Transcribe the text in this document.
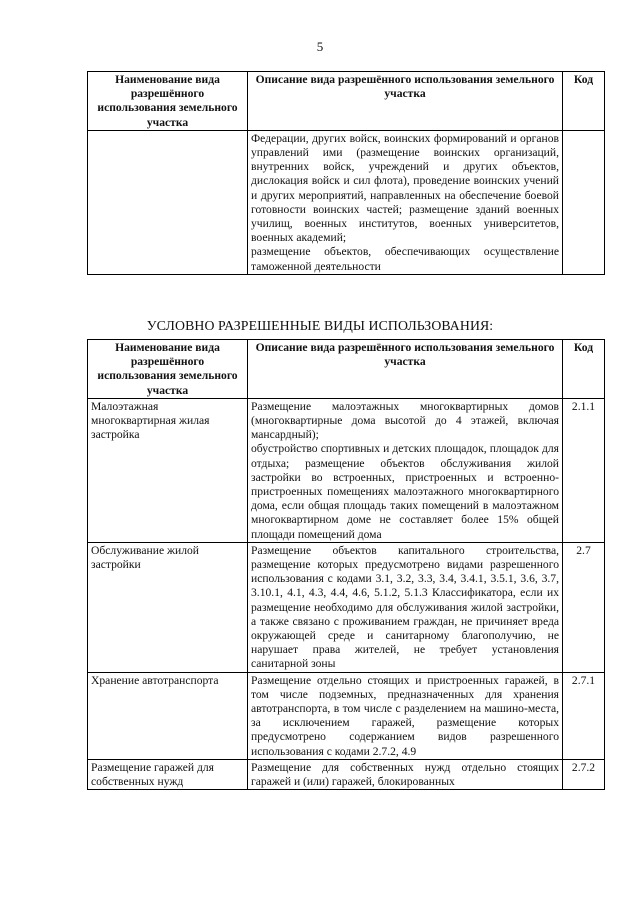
5
Наименование вида разрешённого использования земельного участка	Описание вида разрешённого использования земельного участка	Код

	Федерации, других войск, воинских формирований и органов управлений ими (размещение воинских организаций, внутренних войск, учреждений и других объектов, дислокация войск и сил флота), проведение воинских учений и других мероприятий, направленных на обеспечение боевой готовности воинских частей; размещение зданий военных училищ, военных институтов, военных университетов, военных академий;
размещение объектов, обеспечивающих осуществление таможенной деятельности	

УСЛОВНО РАЗРЕШЕННЫЕ ВИДЫ ИСПОЛЬЗОВАНИЯ:
Наименование вида разрешённого использования земельного участка	Описание вида разрешённого использования земельного участка	Код
Малоэтажная многоквартирная жилая застройка	Размещение малоэтажных многоквартирных домов (многоквартирные дома высотой до 4 этажей, включая мансардный);
обустройство спортивных и детских площадок, площадок для отдыха; размещение объектов обслуживания жилой застройки во встроенных, пристроенных и встроенно-пристроенных помещениях малоэтажного многоквартирного дома, если общая площадь таких помещений в малоэтажном многоквартирном доме не составляет более 15% общей площади помещений дома	2.1.1
Обслуживание жилой застройки	Размещение объектов капитального строительства, размещение которых предусмотрено видами разрешенного использования с кодами 3.1, 3.2, 3.3, 3.4, 3.4.1, 3.5.1, 3.6, 3.7, 3.10.1, 4.1, 4.3, 4.4, 4.6, 5.1.2, 5.1.3 Классификатора, если их размещение необходимо для обслуживания жилой застройки, а также связано с проживанием граждан, не причиняет вреда окружающей среде и санитарному благополучию, не нарушает права жителей, не требует установления санитарной зоны	2.7
Хранение автотранспорта	Размещение отдельно стоящих и пристроенных гаражей, в том числе подземных, предназначенных для хранения автотранспорта, в том числе с разделением на машино-места, за исключением гаражей, размещение которых предусмотрено содержанием видов разрешенного использования с кодами 2.7.2, 4.9	2.7.1
Размещение гаражей для собственных нужд	Размещение для собственных нужд отдельно стоящих гаражей и (или) гаражей, блокированных	2.7.2
